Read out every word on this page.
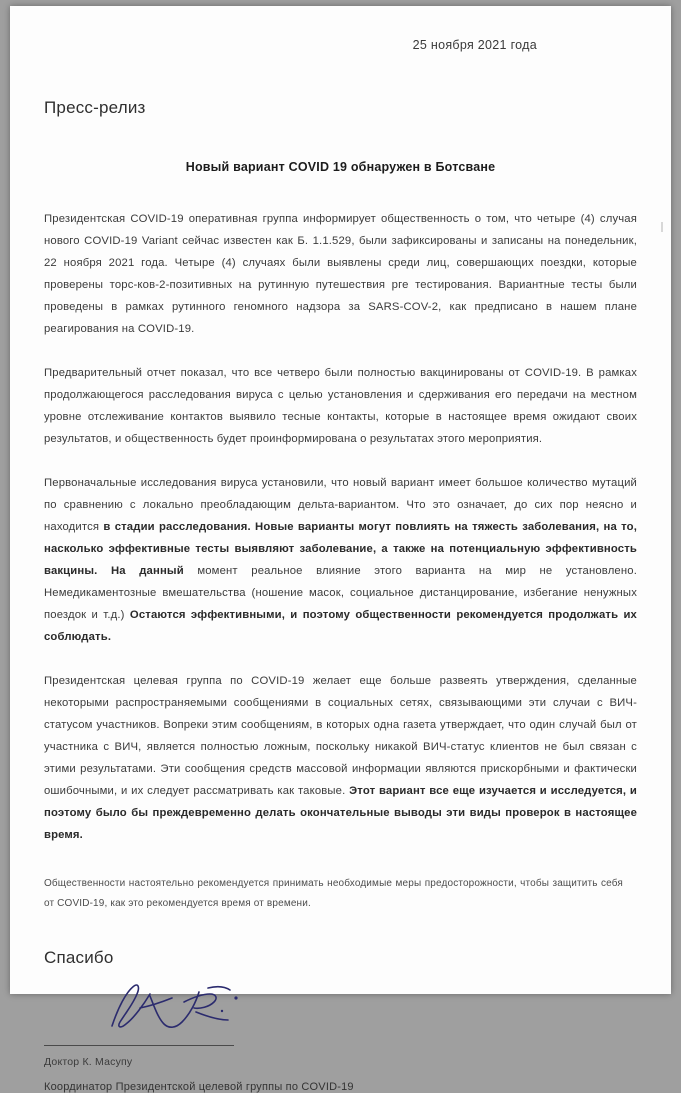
25 ноября 2021 года
Пресс-релиз
Новый вариант COVID 19 обнаружен в Ботсване
Президентская COVID-19 оперативная группа информирует общественность о том, что четыре (4) случая нового COVID-19 Variant сейчас известен как Б. 1.1.529, были зафиксированы и записаны на понедельник, 22 ноября 2021 года. Четыре (4) случаях были выявлены среди лиц, совершающих поездки, которые проверены торс-ков-2-позитивных на рутинную путешествия рге тестирования. Вариантные тесты были проведены в рамках рутинного геномного надзора за SARS-COV-2, как предписано в нашем плане реагирования на COVID-19.
Предварительный отчет показал, что все четверо были полностью вакцинированы от COVID-19. В рамках продолжающегося расследования вируса с целью установления и сдерживания его передачи на местном уровне отслеживание контактов выявило тесные контакты, которые в настоящее время ожидают своих результатов, и общественность будет проинформирована о результатах этого мероприятия.
Первоначальные исследования вируса установили, что новый вариант имеет большое количество мутаций по сравнению с локально преобладающим дельта-вариантом. Что это означает, до сих пор неясно и находится в стадии расследования. Новые варианты могут повлиять на тяжесть заболевания, на то, насколько эффективные тесты выявляют заболевание, а также на потенциальную эффективность вакцины. На данный момент реальное влияние этого варианта на мир не установлено. Немедикаментозные вмешательства (ношение масок, социальное дистанцирование, избегание ненужных поездок и т.д.) Остаются эффективными, и поэтому общественности рекомендуется продолжать их соблюдать.
Президентская целевая группа по COVID-19 желает еще больше развеять утверждения, сделанные некоторыми распространяемыми сообщениями в социальных сетях, связывающими эти случаи с ВИЧ-статусом участников. Вопреки этим сообщениям, в которых одна газета утверждает, что один случай был от участника с ВИЧ, является полностью ложным, поскольку никакой ВИЧ-статус клиентов не был связан с этими результатами. Эти сообщения средств массовой информации являются прискорбными и фактически ошибочными, и их следует рассматривать как таковые. Этот вариант все еще изучается и исследуется, и поэтому было бы преждевременно делать окончательные выводы эти виды проверок в настоящее время.
Общественности настоятельно рекомендуется принимать необходимые меры предосторожности, чтобы защитить себя от COVID-19, как это рекомендуется время от времени.
Спасибо
Доктор К. Масупу
Координатор Президентской целевой группы по COVID-19
